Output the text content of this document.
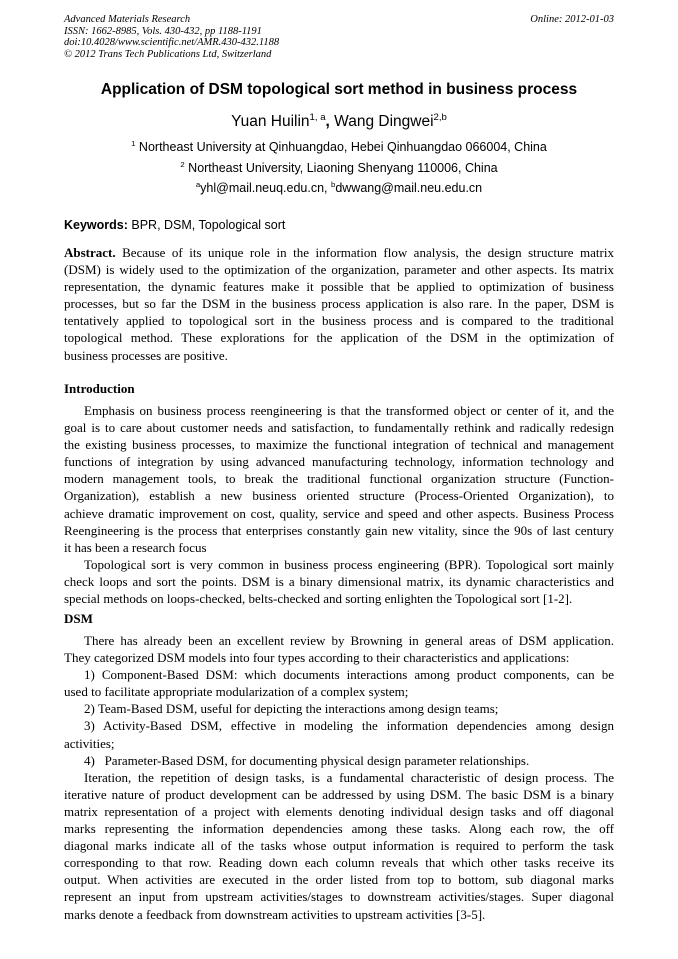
Advanced Materials Research
ISSN: 1662-8985, Vols. 430-432, pp 1188-1191
doi:10.4028/www.scientific.net/AMR.430-432.1188
© 2012 Trans Tech Publications Ltd, Switzerland
Online: 2012-01-03
Application of DSM topological sort method in business process
Yuan Huilin$^{1, a}$, Wang Dingwei$^{2,b}$
$^1$ Northeast University at Qinhuangdao, Hebei Qinhuangdao 066004, China
$^2$ Northeast University, Liaoning Shenyang 110006, China
$^a$yhl@mail.neuq.edu.cn, $^b$dwwang@mail.neu.edu.cn
Keywords: BPR, DSM, Topological sort
Abstract. Because of its unique role in the information flow analysis, the design structure matrix
(DSM) is widely used to the optimization of the organization, parameter and other aspects. Its matrix
representation, the dynamic features make it possible that be applied to optimization of business
processes, but so far the DSM in the business process application is also rare. In the paper, DSM is
tentatively applied to topological sort in the business process and is compared to the traditional
topological method. These explorations for the application of the DSM in the optimization of
business processes are positive.
Introduction
Emphasis on business process reengineering is that the transformed object or center of it, and the
goal is to care about customer needs and satisfaction, to fundamentally rethink and radically redesign
the existing business processes, to maximize the functional integration of technical and management
functions of integration by using advanced manufacturing technology, information technology and
modern management tools, to break the traditional functional organization structure (Function-
Organization), establish a new business oriented structure (Process-Oriented Organization), to
achieve dramatic improvement on cost, quality, service and speed and other aspects. Business Process
Reengineering is the process that enterprises constantly gain new vitality, since the 90s of last century
it has been a research focus
Topological sort is very common in business process engineering (BPR). Topological sort mainly
check loops and sort the points. DSM is a binary dimensional matrix, its dynamic characteristics and
special methods on loops-checked, belts-checked and sorting enlighten the Topological sort [1-2].
DSM
There has already been an excellent review by Browning in general areas of DSM application.
They categorized DSM models into four types according to their characteristics and applications:
1) Component-Based DSM: which documents interactions among product components, can be
used to facilitate appropriate modularization of a complex system;
2) Team-Based DSM, useful for depicting the interactions among design teams;
3) Activity-Based DSM, effective in modeling the information dependencies among design
activities;
4)   Parameter-Based DSM, for documenting physical design parameter relationships.
Iteration, the repetition of design tasks, is a fundamental characteristic of design process. The
iterative nature of product development can be addressed by using DSM. The basic DSM is a binary
matrix representation of a project with elements denoting individual design tasks and off diagonal
marks representing the information dependencies among these tasks. Along each row, the off
diagonal marks indicate all of the tasks whose output information is required to perform the task
corresponding to that row. Reading down each column reveals that which other tasks receive its
output. When activities are executed in the order listed from top to bottom, sub diagonal marks
represent an input from upstream activities/stages to downstream activities/stages. Super diagonal
marks denote a feedback from downstream activities to upstream activities [3-5].
